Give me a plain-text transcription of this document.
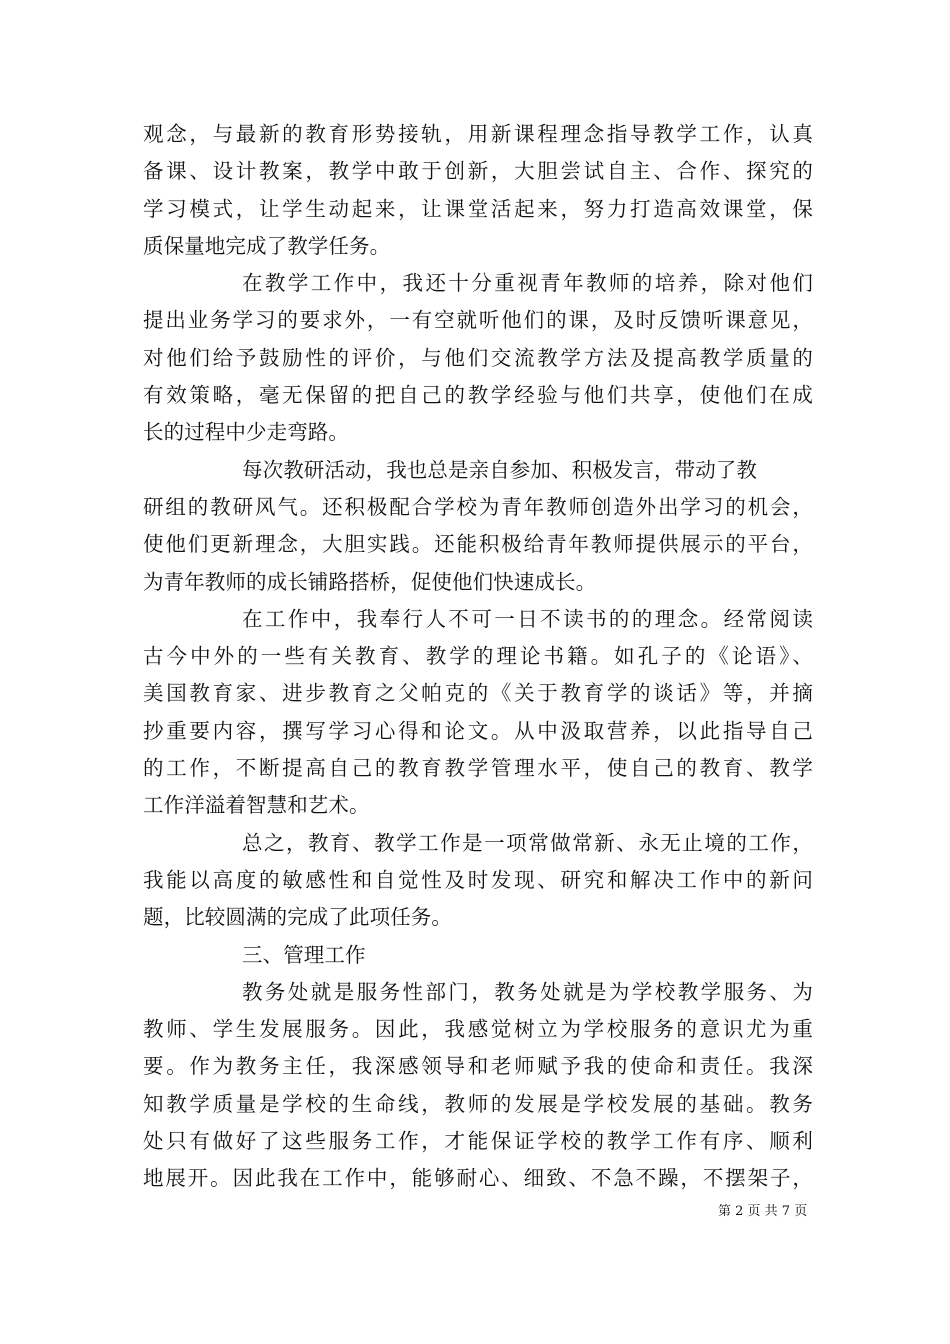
观念，与最新的教育形势接轨，用新课程理念指导教学工作，认真
备课、设计教案，教学中敢于创新，大胆尝试自主、合作、探究的
学习模式，让学生动起来，让课堂活起来，努力打造高效课堂，保
质保量地完成了教学任务。
在教学工作中，我还十分重视青年教师的培养，除对他们
提出业务学习的要求外，一有空就听他们的课，及时反馈听课意见，
对他们给予鼓励性的评价，与他们交流教学方法及提高教学质量的
有效策略，毫无保留的把自己的教学经验与他们共享，使他们在成
长的过程中少走弯路。
每次教研活动，我也总是亲自参加、积极发言，带动了教
研组的教研风气。还积极配合学校为青年教师创造外出学习的机会，
使他们更新理念，大胆实践。还能积极给青年教师提供展示的平台，
为青年教师的成长铺路搭桥，促使他们快速成长。
在工作中，我奉行人不可一日不读书的的理念。经常阅读
古今中外的一些有关教育、教学的理论书籍。如孔子的《论语》、
美国教育家、进步教育之父帕克的《关于教育学的谈话》等，并摘
抄重要内容，撰写学习心得和论文。从中汲取营养，以此指导自己
的工作，不断提高自己的教育教学管理水平，使自己的教育、教学
工作洋溢着智慧和艺术。
总之，教育、教学工作是一项常做常新、永无止境的工作，
我能以高度的敏感性和自觉性及时发现、研究和解决工作中的新问
题，比较圆满的完成了此项任务。
三、管理工作
教务处就是服务性部门，教务处就是为学校教学服务、为
教师、学生发展服务。因此，我感觉树立为学校服务的意识尤为重
要。作为教务主任，我深感领导和老师赋予我的使命和责任。我深
知教学质量是学校的生命线，教师的发展是学校发展的基础。教务
处只有做好了这些服务工作，才能保证学校的教学工作有序、顺利
地展开。因此我在工作中，能够耐心、细致、不急不躁，不摆架子，
第 2 页 共 7 页
